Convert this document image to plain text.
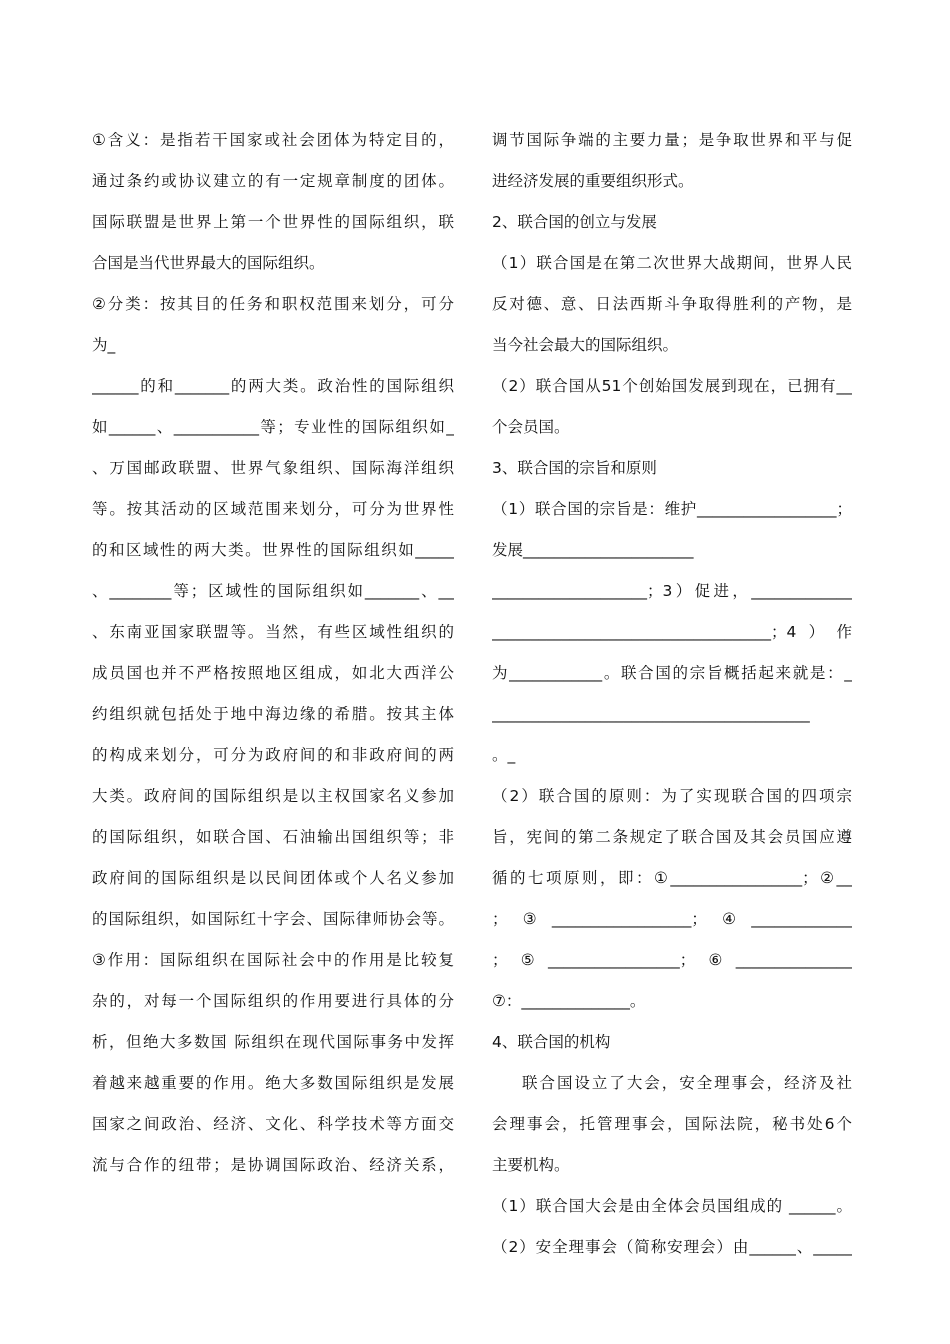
①含义：是指若干国家或社会团体为特定目的，
通过条约或协议建立的有一定规章制度的团体。
国际联盟是世界上第一个世界性的国际组织，联
合国是当代世界最大的国际组织。
②分类：按其目的任务和职权范围来划分，可分
为_
______的和_______的两大类。政治性的国际组织
如______、___________等；专业性的国际组织如_
、万国邮政联盟、世界气象组织、国际海洋组织
等。按其活动的区域范围来划分，可分为世界性
的和区域性的两大类。世界性的国际组织如_____
、________等；区域性的国际组织如_______、__
、东南亚国家联盟等。当然，有些区域性组织的
成员国也并不严格按照地区组成，如北大西洋公
约组织就包括处于地中海边缘的希腊。按其主体
的构成来划分，可分为政府间的和非政府间的两
大类。政府间的国际组织是以主权国家名义参加
的国际组织，如联合国、石油输出国组织等；非
政府间的国际组织是以民间团体或个人名义参加
的国际组织，如国际红十字会、国际律师协会等。
③作用：国际组织在国际社会中的作用是比较复
杂的，对每一个国际组织的作用要进行具体的分
析，但绝大多数国 际组织在现代国际事务中发挥
着越来越重要的作用。绝大多数国际组织是发展
国家之间政治、经济、文化、科学技术等方面交
流与合作的纽带；是协调国际政治、经济关系，
调节国际争端的主要力量；是争取世界和平与促
进经济发展的重要组织形式。
2、联合国的创立与发展
（1）联合国是在第二次世界大战期间，世界人民
反对德、意、日法西斯斗争取得胜利的产物，是
当今社会最大的国际组织。
（2）联合国从51个创始国发展到现在，已拥有__
个会员国。
3、联合国的宗旨和原则
（1）联合国的宗旨是：维护__________________；
发展______________________
____________________；3）促进，_____________
____________________________________；4）作
为____________。联合国的宗旨概括起来就是：_
_________________________________________
。_
（2）联合国的原则：为了实现联合国的四项宗
旨，宪间的第二条规定了联合国及其会员国应遵
循的七项原则，即：①_________________；②__
；③__________________；④_____________
；⑤_________________；⑥_______________
⑦：______________。
4、联合国的机构
联合国设立了大会，安全理事会，经济及社
会理事会，托管理事会，国际法院，秘书处6个
主要机构。
（1）联合国大会是由全体会员国组成的 ______。
（2）安全理事会（简称安理会）由______、_____
